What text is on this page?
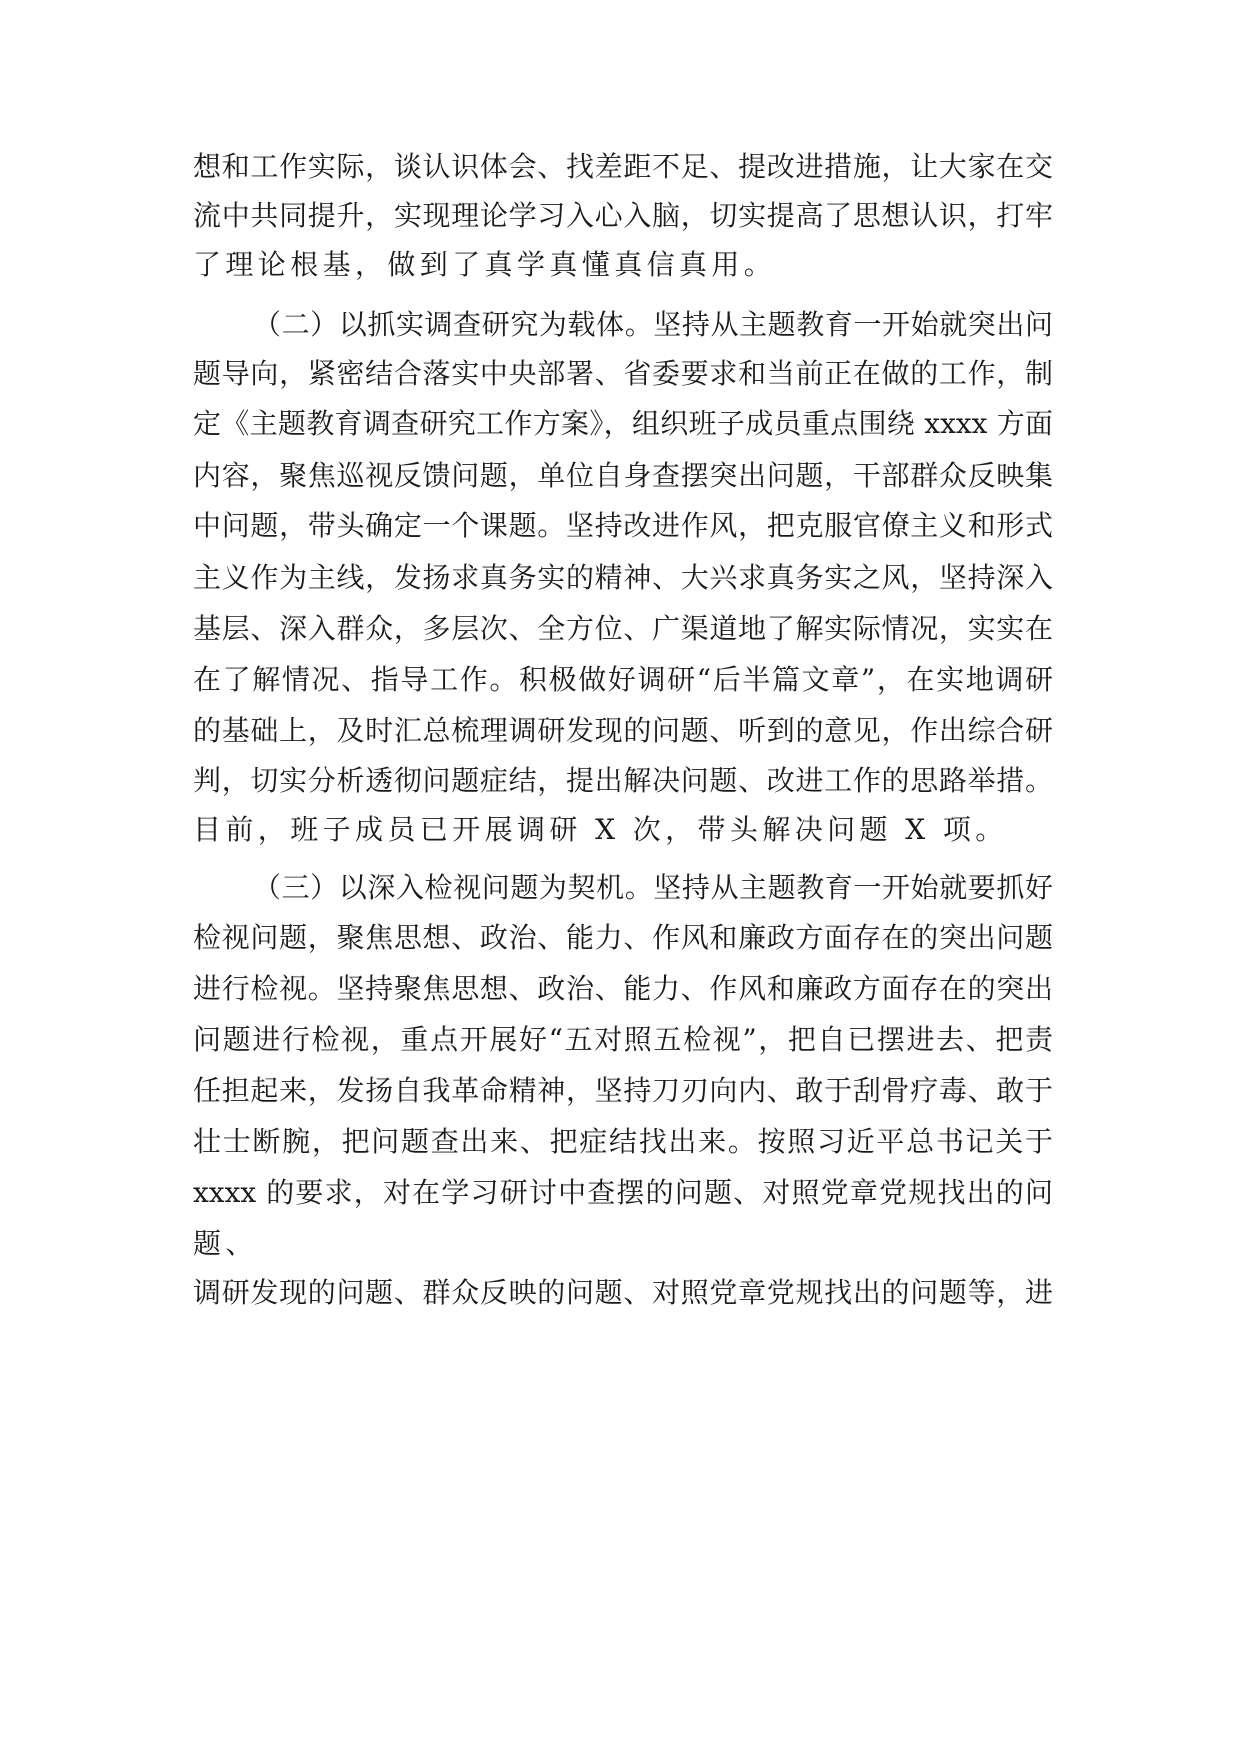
想和工作实际，谈认识体会、找差距不足、提改进措施，让大家在交
流中共同提升，实现理论学习入心入脑，切实提高了思想认识，打牢
了理论根基，做到了真学真懂真信真用。
（二）以抓实调查研究为载体。坚持从主题教育一开始就突出问
题导向，紧密结合落实中央部署、省委要求和当前正在做的工作，制
定《主题教育调查研究工作方案》，组织班子成员重点围绕 xxxx 方面
内容，聚焦巡视反馈问题，单位自身查摆突出问题，干部群众反映集
中问题，带头确定一个课题。坚持改进作风，把克服官僚主义和形式
主义作为主线，发扬求真务实的精神、大兴求真务实之风，坚持深入
基层、深入群众，多层次、全方位、广渠道地了解实际情况，实实在
在了解情况、指导工作。积极做好调研“后半篇文章”，在实地调研
的基础上，及时汇总梳理调研发现的问题、听到的意见，作出综合研
判，切实分析透彻问题症结，提出解决问题、改进工作的思路举措。
目前，班子成员已开展调研 X 次，带头解决问题 X 项。
（三）以深入检视问题为契机。坚持从主题教育一开始就要抓好
检视问题，聚焦思想、政治、能力、作风和廉政方面存在的突出问题
进行检视。坚持聚焦思想、政治、能力、作风和廉政方面存在的突出
问题进行检视，重点开展好“五对照五检视”，把自已摆进去、把责
任担起来，发扬自我革命精神，坚持刀刃向内、敢于刮骨疗毒、敢于
壮士断腕，把问题查出来、把症结找出来。按照习近平总书记关于
xxxx 的要求，对在学习研讨中查摆的问题、对照党章党规找出的问
题、
调研发现的问题、群众反映的问题、对照党章党规找出的问题等，进
